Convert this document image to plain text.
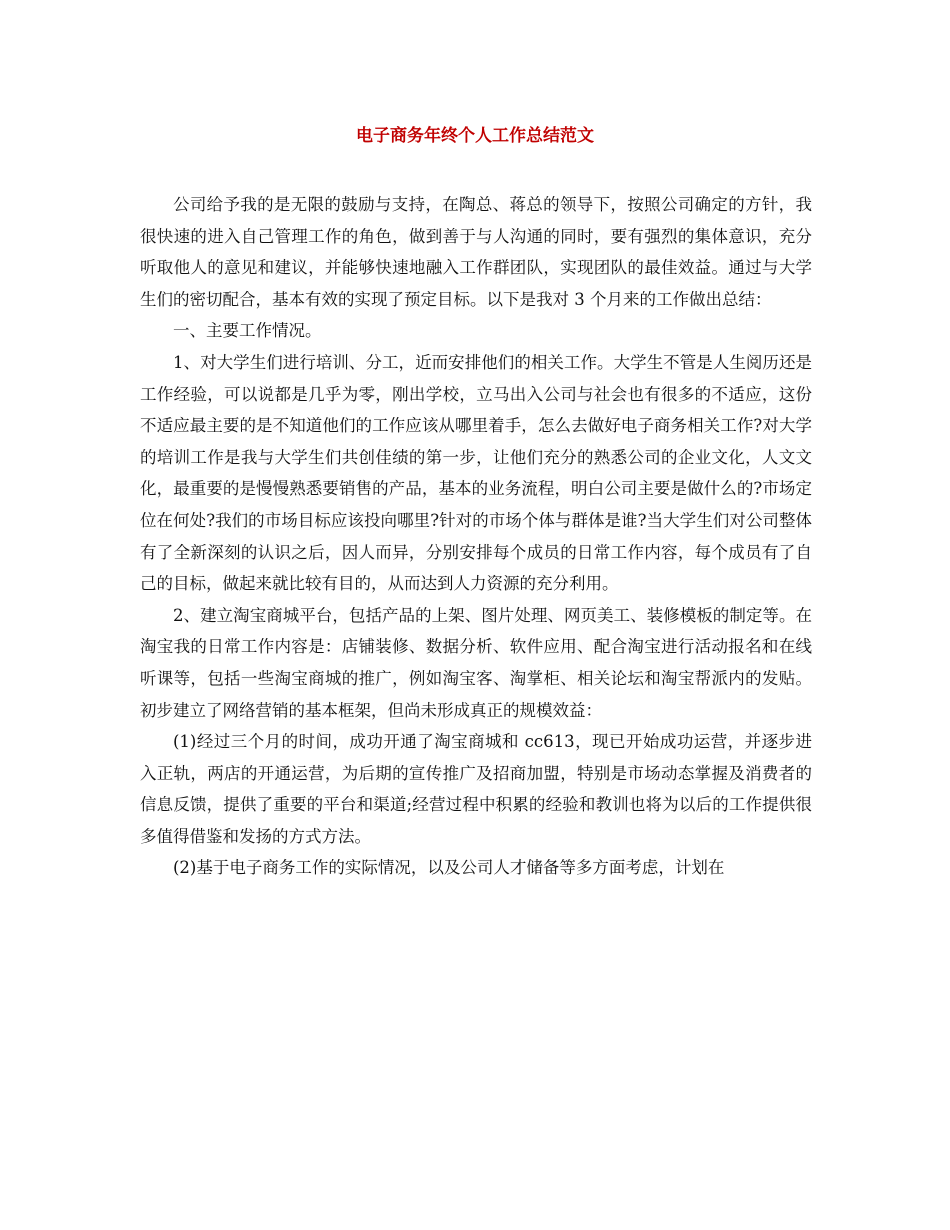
电子商务年终个人工作总结范文

公司给予我的是无限的鼓励与支持，在陶总、蒋总的领导下，按照公司确定的方针，我很快速的进入自己管理工作的角色，做到善于与人沟通的同时，要有强烈的集体意识，充分听取他人的意见和建议，并能够快速地融入工作群团队，实现团队的最佳效益。通过与大学生们的密切配合，基本有效的实现了预定目标。以下是我对 3 个月来的工作做出总结：

一、主要工作情况。

1、对大学生们进行培训、分工，近而安排他们的相关工作。大学生不管是人生阅历还是工作经验，可以说都是几乎为零，刚出学校，立马出入公司与社会也有很多的不适应，这份不适应最主要的是不知道他们的工作应该从哪里着手，怎么去做好电子商务相关工作?对大学的培训工作是我与大学生们共创佳绩的第一步，让他们充分的熟悉公司的企业文化，人文文化，最重要的是慢慢熟悉要销售的产品，基本的业务流程，明白公司主要是做什么的?市场定位在何处?我们的市场目标应该投向哪里?针对的市场个体与群体是谁?当大学生们对公司整体有了全新深刻的认识之后，因人而异，分别安排每个成员的日常工作内容，每个成员有了自己的目标，做起来就比较有目的，从而达到人力资源的充分利用。

2、建立淘宝商城平台，包括产品的上架、图片处理、网页美工、装修模板的制定等。在淘宝我的日常工作内容是：店铺装修、数据分析、软件应用、配合淘宝进行活动报名和在线听课等，包括一些淘宝商城的推广，例如淘宝客、淘掌柜、相关论坛和淘宝帮派内的发贴。 初步建立了网络营销的基本框架，但尚未形成真正的规模效益：

(1)经过三个月的时间，成功开通了淘宝商城和 cc613，现已开始成功运营，并逐步进入正轨，两店的开通运营，为后期的宣传推广及招商加盟，特别是市场动态掌握及消费者的信息反馈，提供了重要的平台和渠道;经营过程中积累的经验和教训也将为以后的工作提供很多值得借鉴和发扬的方式方法。

(2)基于电子商务工作的实际情况，以及公司人才储备等多方面考虑，计划在
